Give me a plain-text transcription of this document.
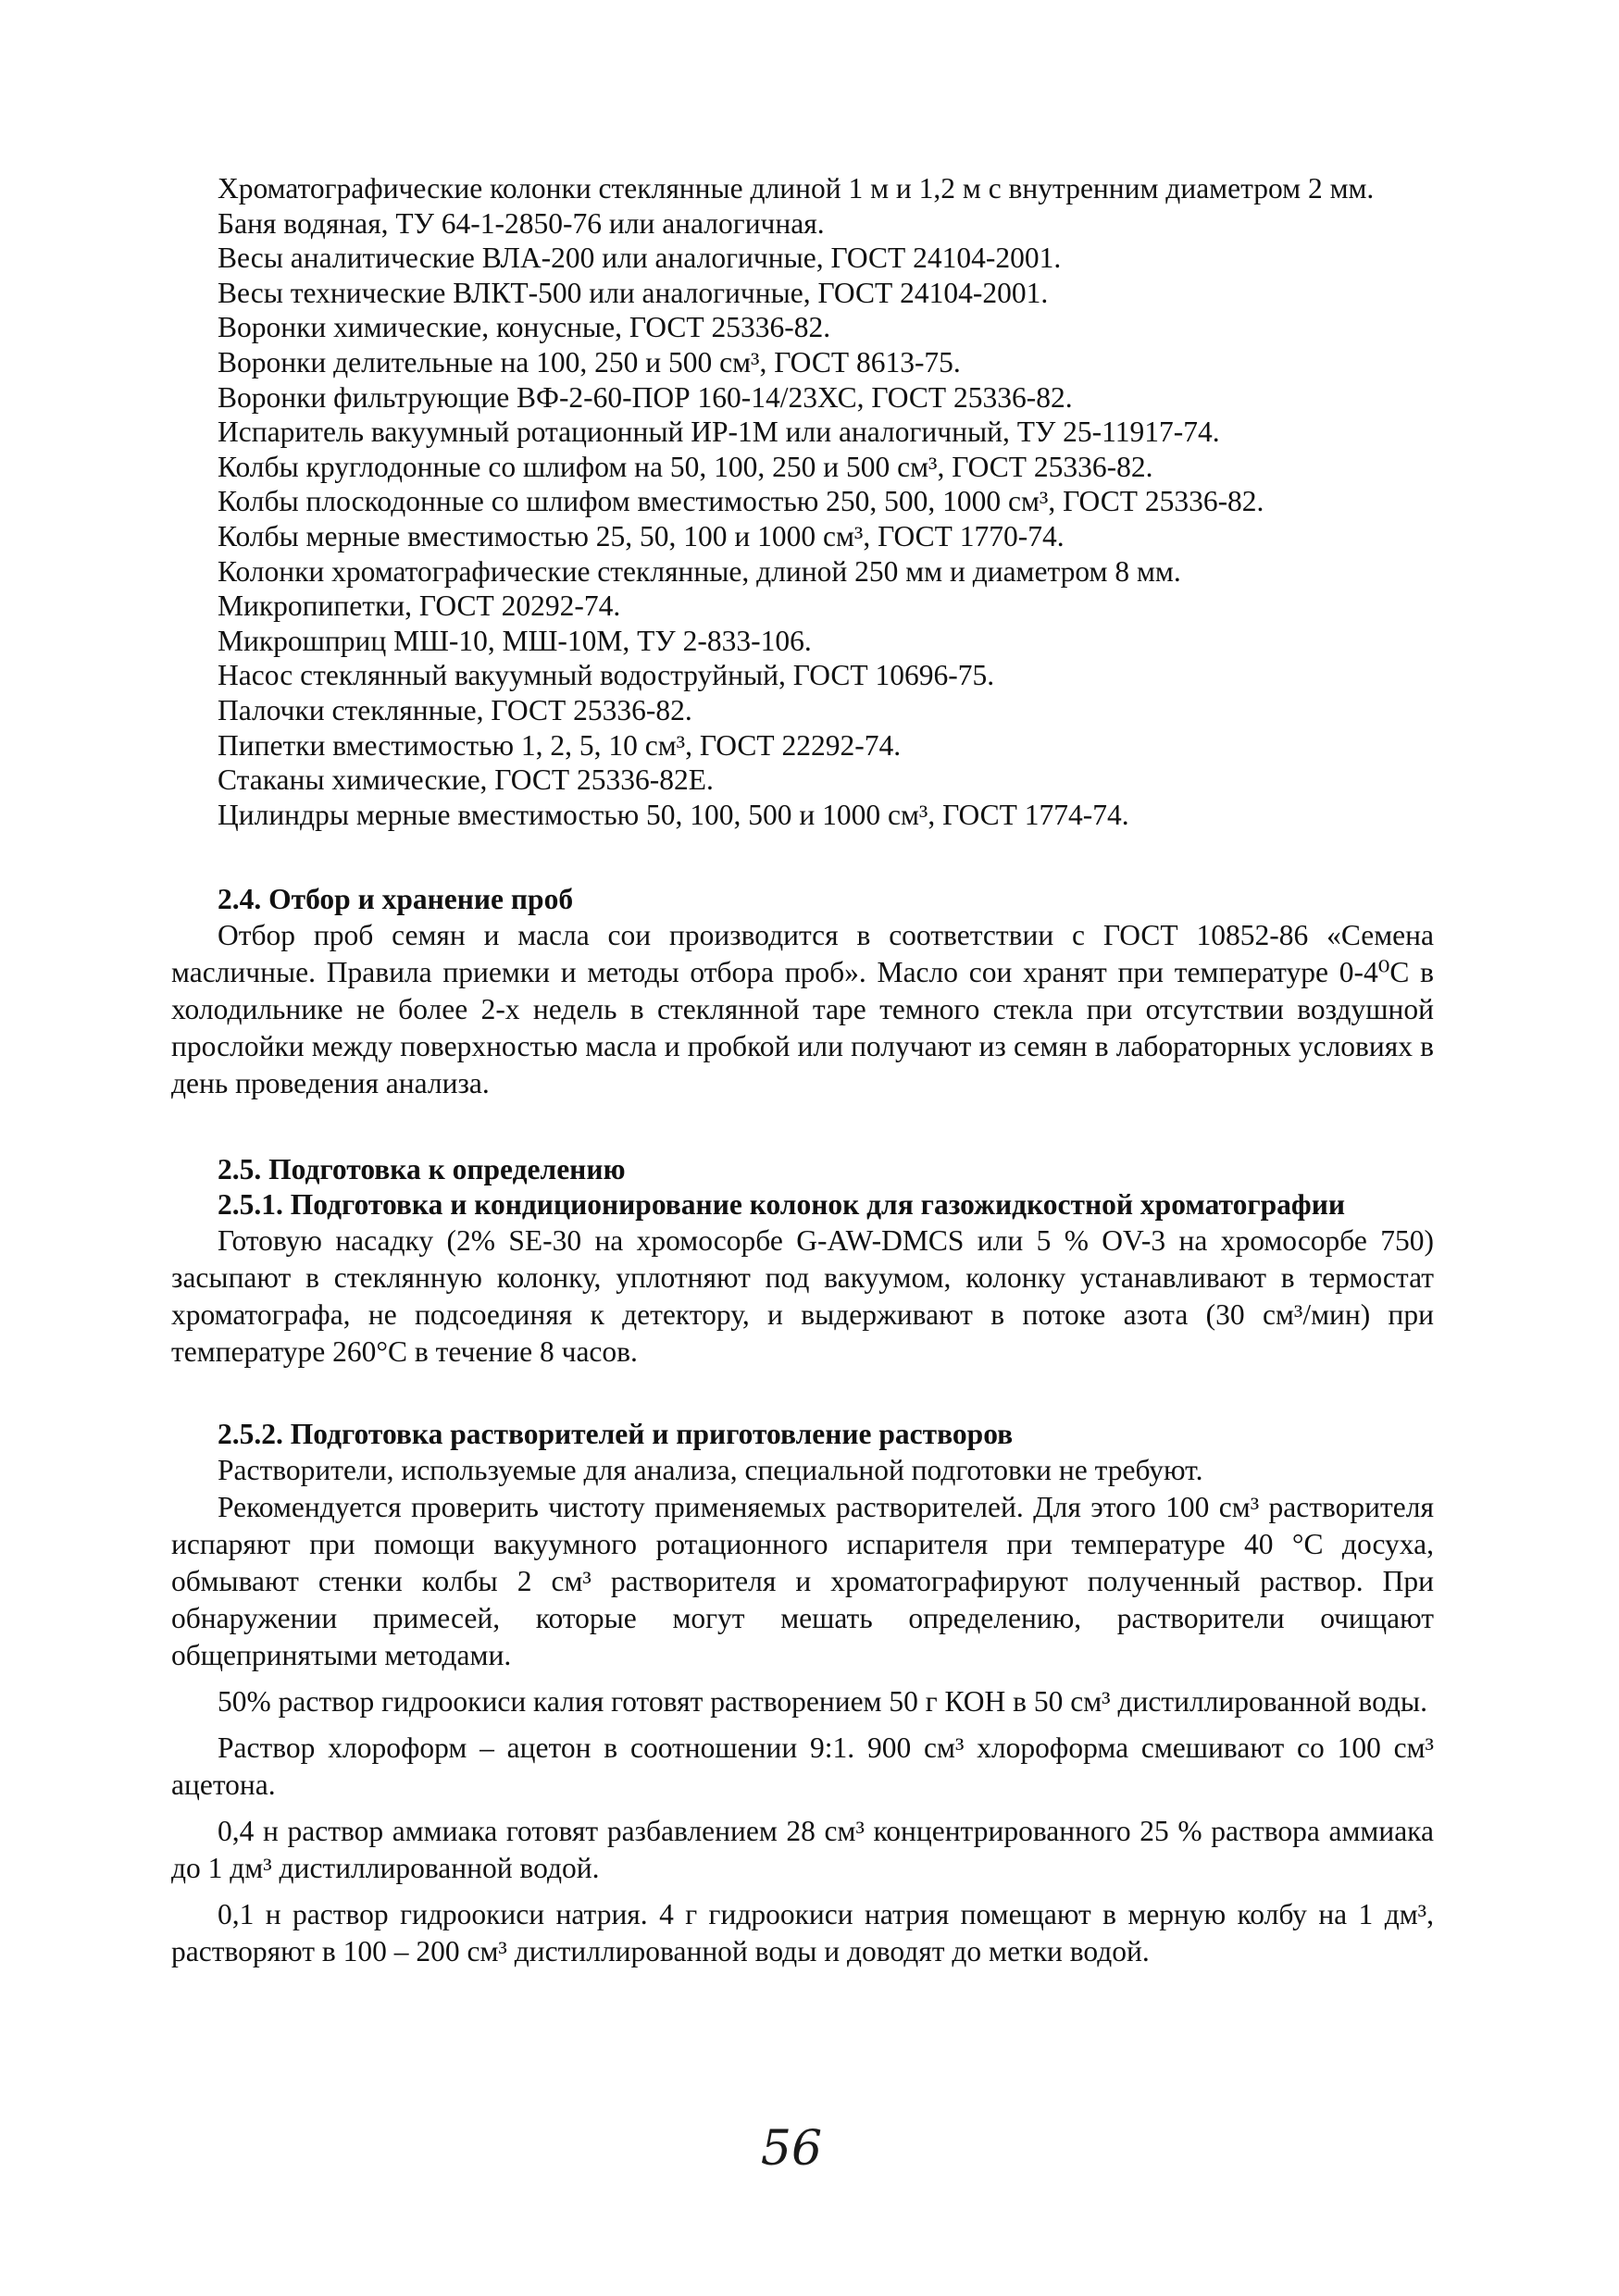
Хроматографические колонки стеклянные длиной 1 м и 1,2 м с внутренним диаметром 2 мм.

Баня водяная, ТУ 64-1-2850-76 или аналогичная.

Весы аналитические ВЛА-200 или аналогичные, ГОСТ 24104-2001.

Весы технические ВЛКТ-500 или аналогичные, ГОСТ 24104-2001.

Воронки химические, конусные, ГОСТ 25336-82.

Воронки делительные на 100, 250 и 500 см³, ГОСТ 8613-75.

Воронки фильтрующие ВФ-2-60-ПОР 160-14/23ХС, ГОСТ 25336-82.

Испаритель вакуумный ротационный ИР-1М или аналогичный, ТУ 25-11917-74.

Колбы круглодонные со шлифом на 50, 100, 250 и 500 см³, ГОСТ 25336-82.

Колбы плоскодонные со шлифом вместимостью 250, 500, 1000 см³, ГОСТ 25336-82.

Колбы мерные вместимостью 25, 50, 100 и 1000 см³, ГОСТ 1770-74.

Колонки хроматографические стеклянные, длиной 250 мм и диаметром 8 мм.

Микропипетки, ГОСТ 20292-74.

Микрошприц МШ-10, МШ-10М, ТУ 2-833-106.

Насос стеклянный вакуумный водоструйный, ГОСТ 10696-75.

Палочки стеклянные, ГОСТ 25336-82.

Пипетки вместимостью 1, 2, 5, 10 см³, ГОСТ 22292-74.

Стаканы химические, ГОСТ 25336-82Е.

Цилиндры мерные вместимостью 50, 100, 500 и 1000 см³, ГОСТ 1774-74.

2.4. Отбор и хранение проб

Отбор проб семян и масла сои производится в соответствии с ГОСТ 10852-86 «Семена масличные. Правила приемки и методы отбора проб». Масло сои хранят при температуре 0-4⁰С в холодильнике не более 2-х недель в стеклянной таре темного стекла при отсутствии воздушной прослойки между поверхностью масла и пробкой или получают из семян в лабораторных условиях в день проведения анализа.

2.5. Подготовка к определению
2.5.1. Подготовка и кондиционирование колонок для газожидкостной хроматографии

Готовую насадку (2% SE-30 на хромосорбе G-AW-DMCS или 5 % OV-3 на хромосорбе 750) засыпают в стеклянную колонку, уплотняют под вакуумом, колонку устанавливают в термостат хроматографа, не подсоединяя к детектору, и выдерживают в потоке азота (30 см³/мин) при температуре 260°С в течение 8 часов.

2.5.2. Подготовка растворителей и приготовление растворов

Растворители, используемые для анализа, специальной подготовки не требуют.

Рекомендуется проверить чистоту применяемых растворителей. Для этого 100 см³ растворителя испаряют при помощи вакуумного ротационного испарителя при температуре 40 °С досуха, обмывают стенки колбы 2 см³ растворителя и хроматографируют полученный раствор. При обнаружении примесей, которые могут мешать определению, растворители очищают общепринятыми методами.

50% раствор гидроокиси калия готовят растворением 50 г КОН в 50 см³ дистиллированной воды.

Раствор хлороформ – ацетон в соотношении 9:1. 900 см³ хлороформа смешивают со 100 см³ ацетона.

0,4 н раствор аммиака готовят разбавлением 28 см³ концентрированного 25 % раствора аммиака до 1 дм³ дистиллированной водой.

0,1 н раствор гидроокиси натрия. 4 г гидроокиси натрия помещают в мерную колбу на 1 дм³, растворяют в 100 – 200 см³ дистиллированной воды и доводят до метки водой.

56
